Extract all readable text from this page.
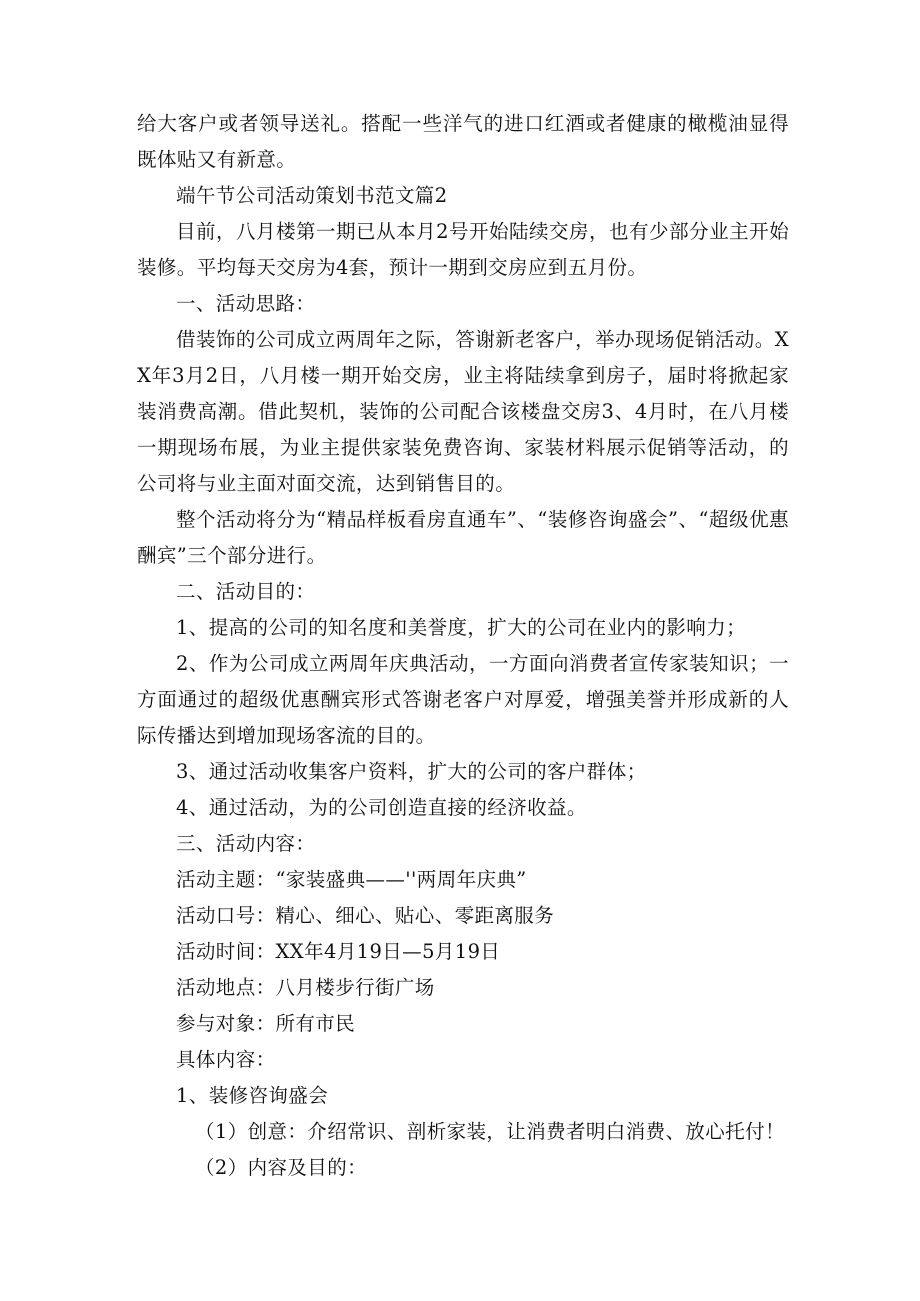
给大客户或者领导送礼。搭配一些洋气的进口红酒或者健康的橄榄油显得既体贴又有新意。

端午节公司活动策划书范文篇2

目前，八月楼第一期已从本月2号开始陆续交房，也有少部分业主开始装修。平均每天交房为4套，预计一期到交房应到五月份。

一、活动思路：

借装饰的公司成立两周年之际，答谢新老客户，举办现场促销活动。XX年3月2日，八月楼一期开始交房，业主将陆续拿到房子，届时将掀起家装消费高潮。借此契机，装饰的公司配合该楼盘交房3、4月时，在八月楼一期现场布展，为业主提供家装免费咨询、家装材料展示促销等活动，的公司将与业主面对面交流，达到销售目的。

整个活动将分为“精品样板看房直通车”、“装修咨询盛会”、“超级优惠酬宾”三个部分进行。

二、活动目的：

1、提高的公司的知名度和美誉度，扩大的公司在业内的影响力；

2、作为公司成立两周年庆典活动，一方面向消费者宣传家装知识；一方面通过的超级优惠酬宾形式答谢老客户对厚爱，增强美誉并形成新的人际传播达到增加现场客流的目的。

3、通过活动收集客户资料，扩大的公司的客户群体；

4、通过活动，为的公司创造直接的经济收益。

三、活动内容：

活动主题：“家装盛典——''两周年庆典”

活动口号：精心、细心、贴心、零距离服务

活动时间：XX年4月19日—5月19日

活动地点：八月楼步行街广场

参与对象：所有市民

具体内容：

1、装修咨询盛会

（1）创意：介绍常识、剖析家装，让消费者明白消费、放心托付！

（2）内容及目的：
